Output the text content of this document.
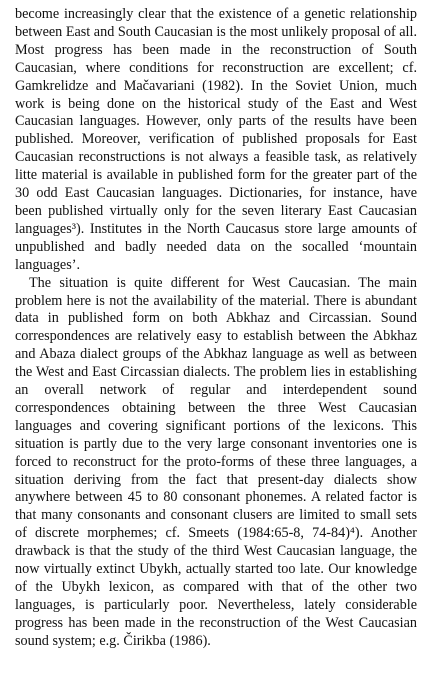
become increasingly clear that the existence of a genetic relationship between East and South Caucasian is the most unlikely proposal of all. Most progress has been made in the reconstruction of South Caucasian, where conditions for reconstruction are excellent; cf. Gamkrelidze and Mačavariani (1982). In the Soviet Union, much work is being done on the historical study of the East and West Caucasian languages. However, only parts of the results have been published. Moreover, verification of published proposals for East Caucasian reconstructions is not always a feasible task, as relatively litte material is available in published form for the greater part of the 30 odd East Caucasian languages. Dictionaries, for instance, have been published virtually only for the seven literary East Caucasian languages³). Institutes in the North Caucasus store large amounts of unpublished and badly needed data on the socalled ‘mountain languages’.

The situation is quite different for West Caucasian. The main problem here is not the availability of the material. There is abundant data in published form on both Abkhaz and Circassian. Sound correspondences are relatively easy to establish between the Abkhaz and Abaza dialect groups of the Abkhaz language as well as between the West and East Circassian dialects. The problem lies in establishing an overall network of regular and interdependent sound correspondences obtaining between the three West Caucasian languages and covering significant portions of the lexicons. This situation is partly due to the very large consonant inventories one is forced to reconstruct for the proto-forms of these three languages, a situation deriving from the fact that present-day dialects show anywhere between 45 to 80 consonant phonemes. A related factor is that many consonants and consonant clusers are limited to small sets of discrete morphemes; cf. Smeets (1984:65-8, 74-84)⁴). Another drawback is that the study of the third West Caucasian language, the now virtually extinct Ubykh, actually started too late. Our knowledge of the Ubykh lexicon, as compared with that of the other two languages, is particularly poor. Nevertheless, lately considerable progress has been made in the reconstruction of the West Caucasian sound system; e.g. Čirikba (1986).
